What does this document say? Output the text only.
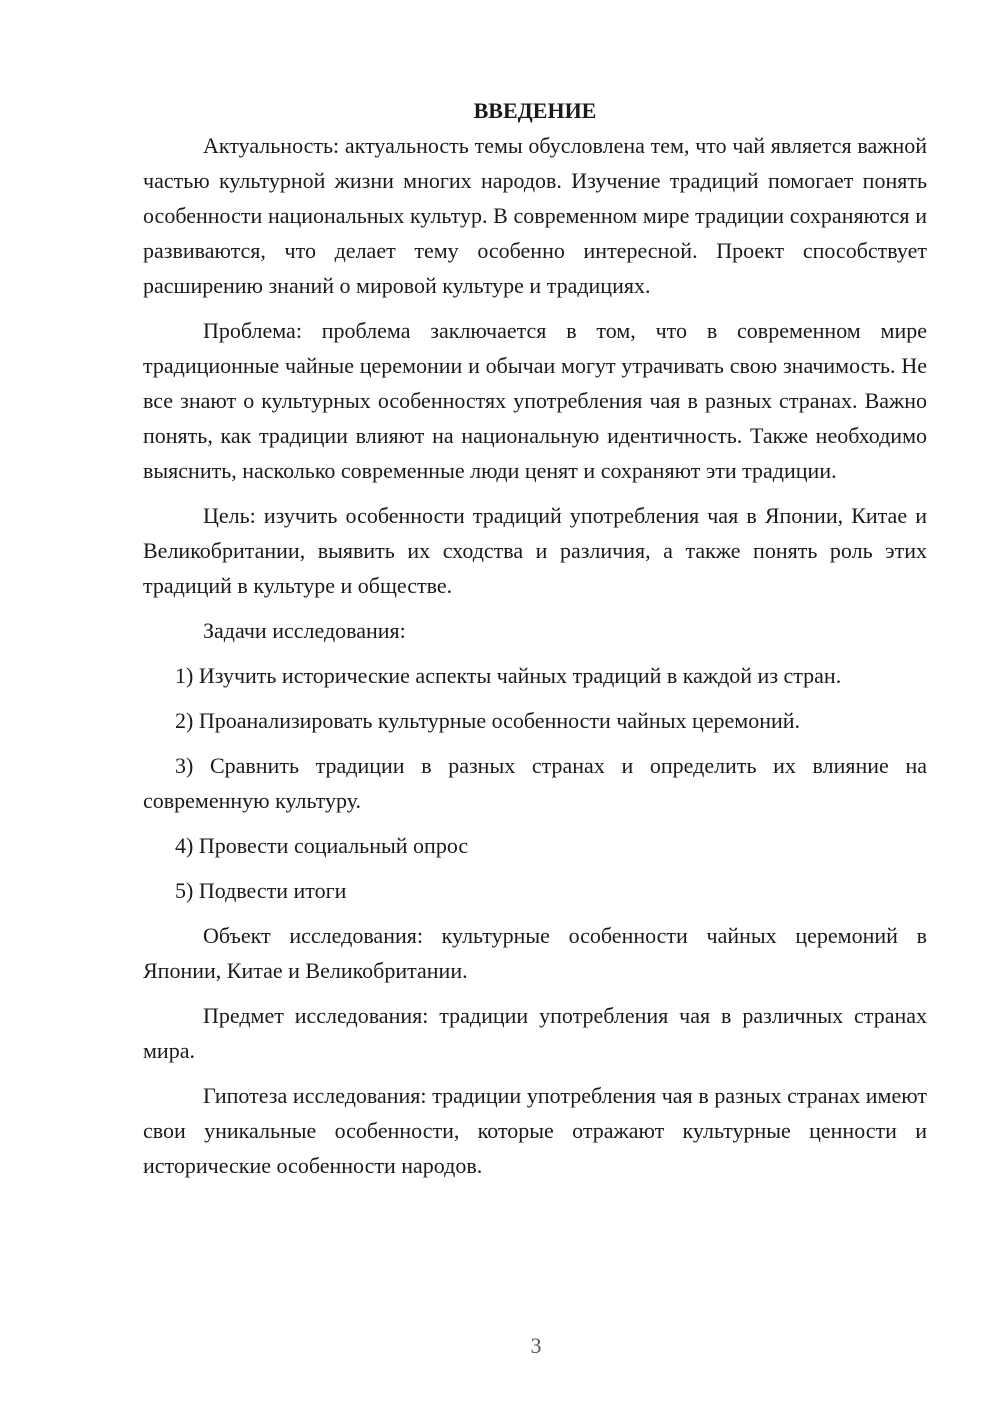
ВВЕДЕНИЕ

Актуальность: актуальность темы обусловлена тем, что чай является важной частью культурной жизни многих народов. Изучение традиций помогает понять особенности национальных культур. В современном мире традиции сохраняются и развиваются, что делает тему особенно интересной. Проект способствует расширению знаний о мировой культуре и традициях.

Проблема: проблема заключается в том, что в современном мире традиционные чайные церемонии и обычаи могут утрачивать свою значимость. Не все знают о культурных особенностях употребления чая в разных странах. Важно понять, как традиции влияют на национальную идентичность. Также необходимо выяснить, насколько современные люди ценят и сохраняют эти традиции.

Цель: изучить особенности традиций употребления чая в Японии, Китае и Великобритании, выявить их сходства и различия, а также понять роль этих традиций в культуре и обществе.

Задачи исследования:

1) Изучить исторические аспекты чайных традиций в каждой из стран.

2) Проанализировать культурные особенности чайных церемоний.

3) Сравнить традиции в разных странах и определить их влияние на современную культуру.

4) Провести социальный опрос

5) Подвести итоги

Объект исследования: культурные особенности чайных церемоний в Японии, Китае и Великобритании.

Предмет исследования: традиции употребления чая в различных странах мира.

Гипотеза исследования: традиции употребления чая в разных странах имеют свои уникальные особенности, которые отражают культурные ценности и исторические особенности народов.

3
